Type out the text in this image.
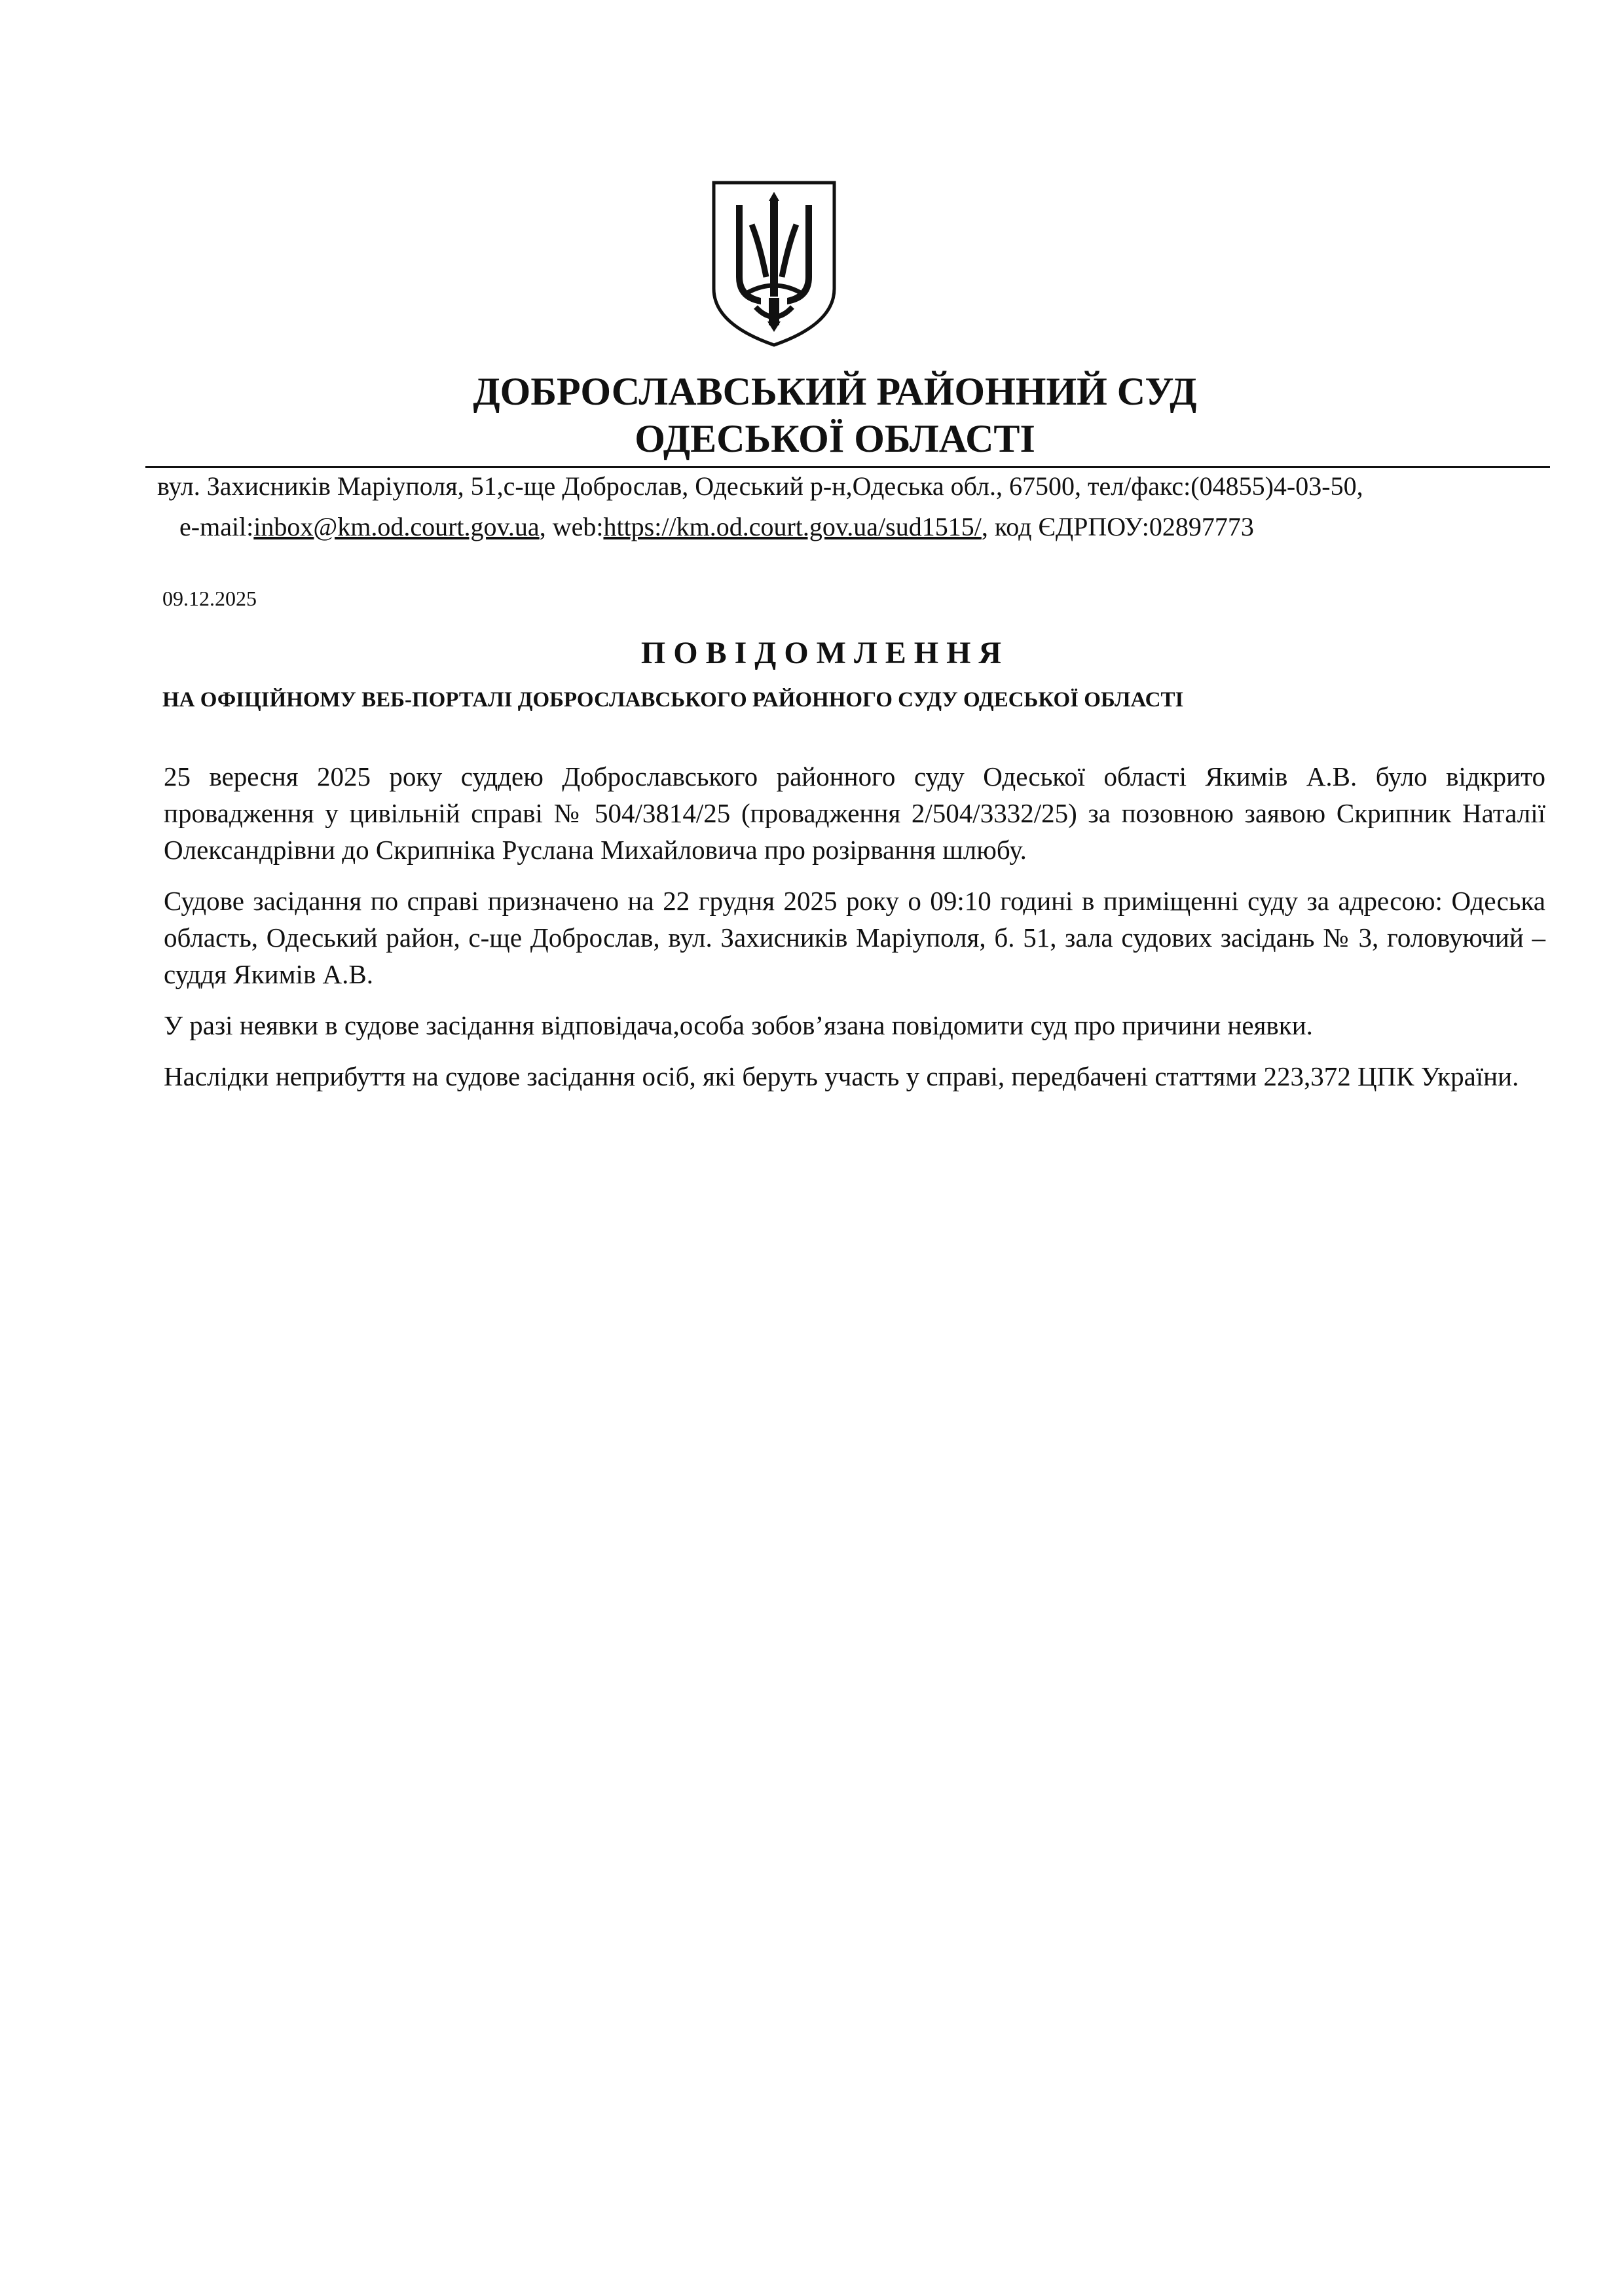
ДОБРОСЛАВСЬКИЙ РАЙОННИЙ СУД
ОДЕСЬКОЇ ОБЛАСТІ
вул. Захисників Маріуполя, 51,с-ще Доброслав, Одеський р-н,Одеська обл., 67500, тел/факс:(04855)4-03-50,
e-mail:inbox@km.od.court.gov.ua, web:https://km.od.court.gov.ua/sud1515/, код ЄДРПОУ:02897773
09.12.2025
ПОВІДОМЛЕННЯ
НА ОФІЦІЙНОМУ ВЕБ-ПОРТАЛІ ДОБРОСЛАВСЬКОГО РАЙОННОГО СУДУ ОДЕСЬКОЇ ОБЛАСТІ

25 вересня 2025 року суддею Доброславського районного суду Одеської області Якимів А.В. було відкрито провадження у цивільній справі № 504/3814/25 (провадження 2/504/3332/25) за позовною заявою Скрипник Наталії Олександрівни до Скрипніка Руслана Михайловича про розірвання шлюбу.

Судове засідання по справі призначено на 22 грудня 2025 року о 09:10 годині в приміщенні суду за адресою: Одеська область, Одеський район, с-ще Доброслав, вул. Захисників Маріуполя, б. 51, зала судових засідань № 3, головуючий – суддя Якимів А.В.

У разі неявки в судове засідання відповідача,особа зобов’язана повідомити суд про причини неявки.

Наслідки неприбуття на судове засідання осіб, які беруть участь у справі, передбачені статтями 223,372 ЦПК України.
